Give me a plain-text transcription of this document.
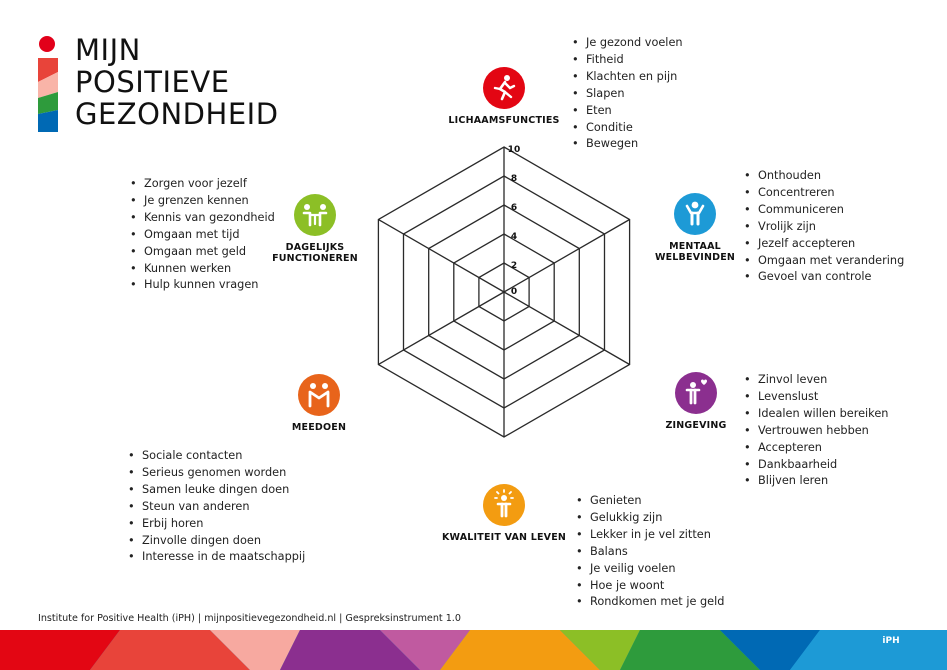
MIJN
POSITIEVE
GEZONDHEID
0
2
4
6
8
10
LICHAAMSFUNCTIES
MENTAAL
WELBEVINDEN
ZINGEVING
KWALITEIT VAN LEVEN
MEEDOEN
DAGELIJKS
FUNCTIONEREN
• Je gezond voelen
• Fitheid
• Klachten en pijn
• Slapen
• Eten
• Conditie
• Bewegen
• Onthouden
• Concentreren
• Communiceren
• Vrolijk zijn
• Jezelf accepteren
• Omgaan met verandering
• Gevoel van controle
• Zinvol leven
• Levenslust
• Idealen willen bereiken
• Vertrouwen hebben
• Accepteren
• Dankbaarheid
• Blijven leren
• Genieten
• Gelukkig zijn
• Lekker in je vel zitten
• Balans
• Je veilig voelen
• Hoe je woont
• Rondkomen met je geld
• Sociale contacten
• Serieus genomen worden
• Samen leuke dingen doen
• Steun van anderen
• Erbij horen
• Zinvolle dingen doen
• Interesse in de maatschappij
• Zorgen voor jezelf
• Je grenzen kennen
• Kennis van gezondheid
• Omgaan met tijd
• Omgaan met geld
• Kunnen werken
• Hulp kunnen vragen
Institute for Positive Health (iPH) | mijnpositievegezondheid.nl | Gespreksinstrument 1.0
iPH
